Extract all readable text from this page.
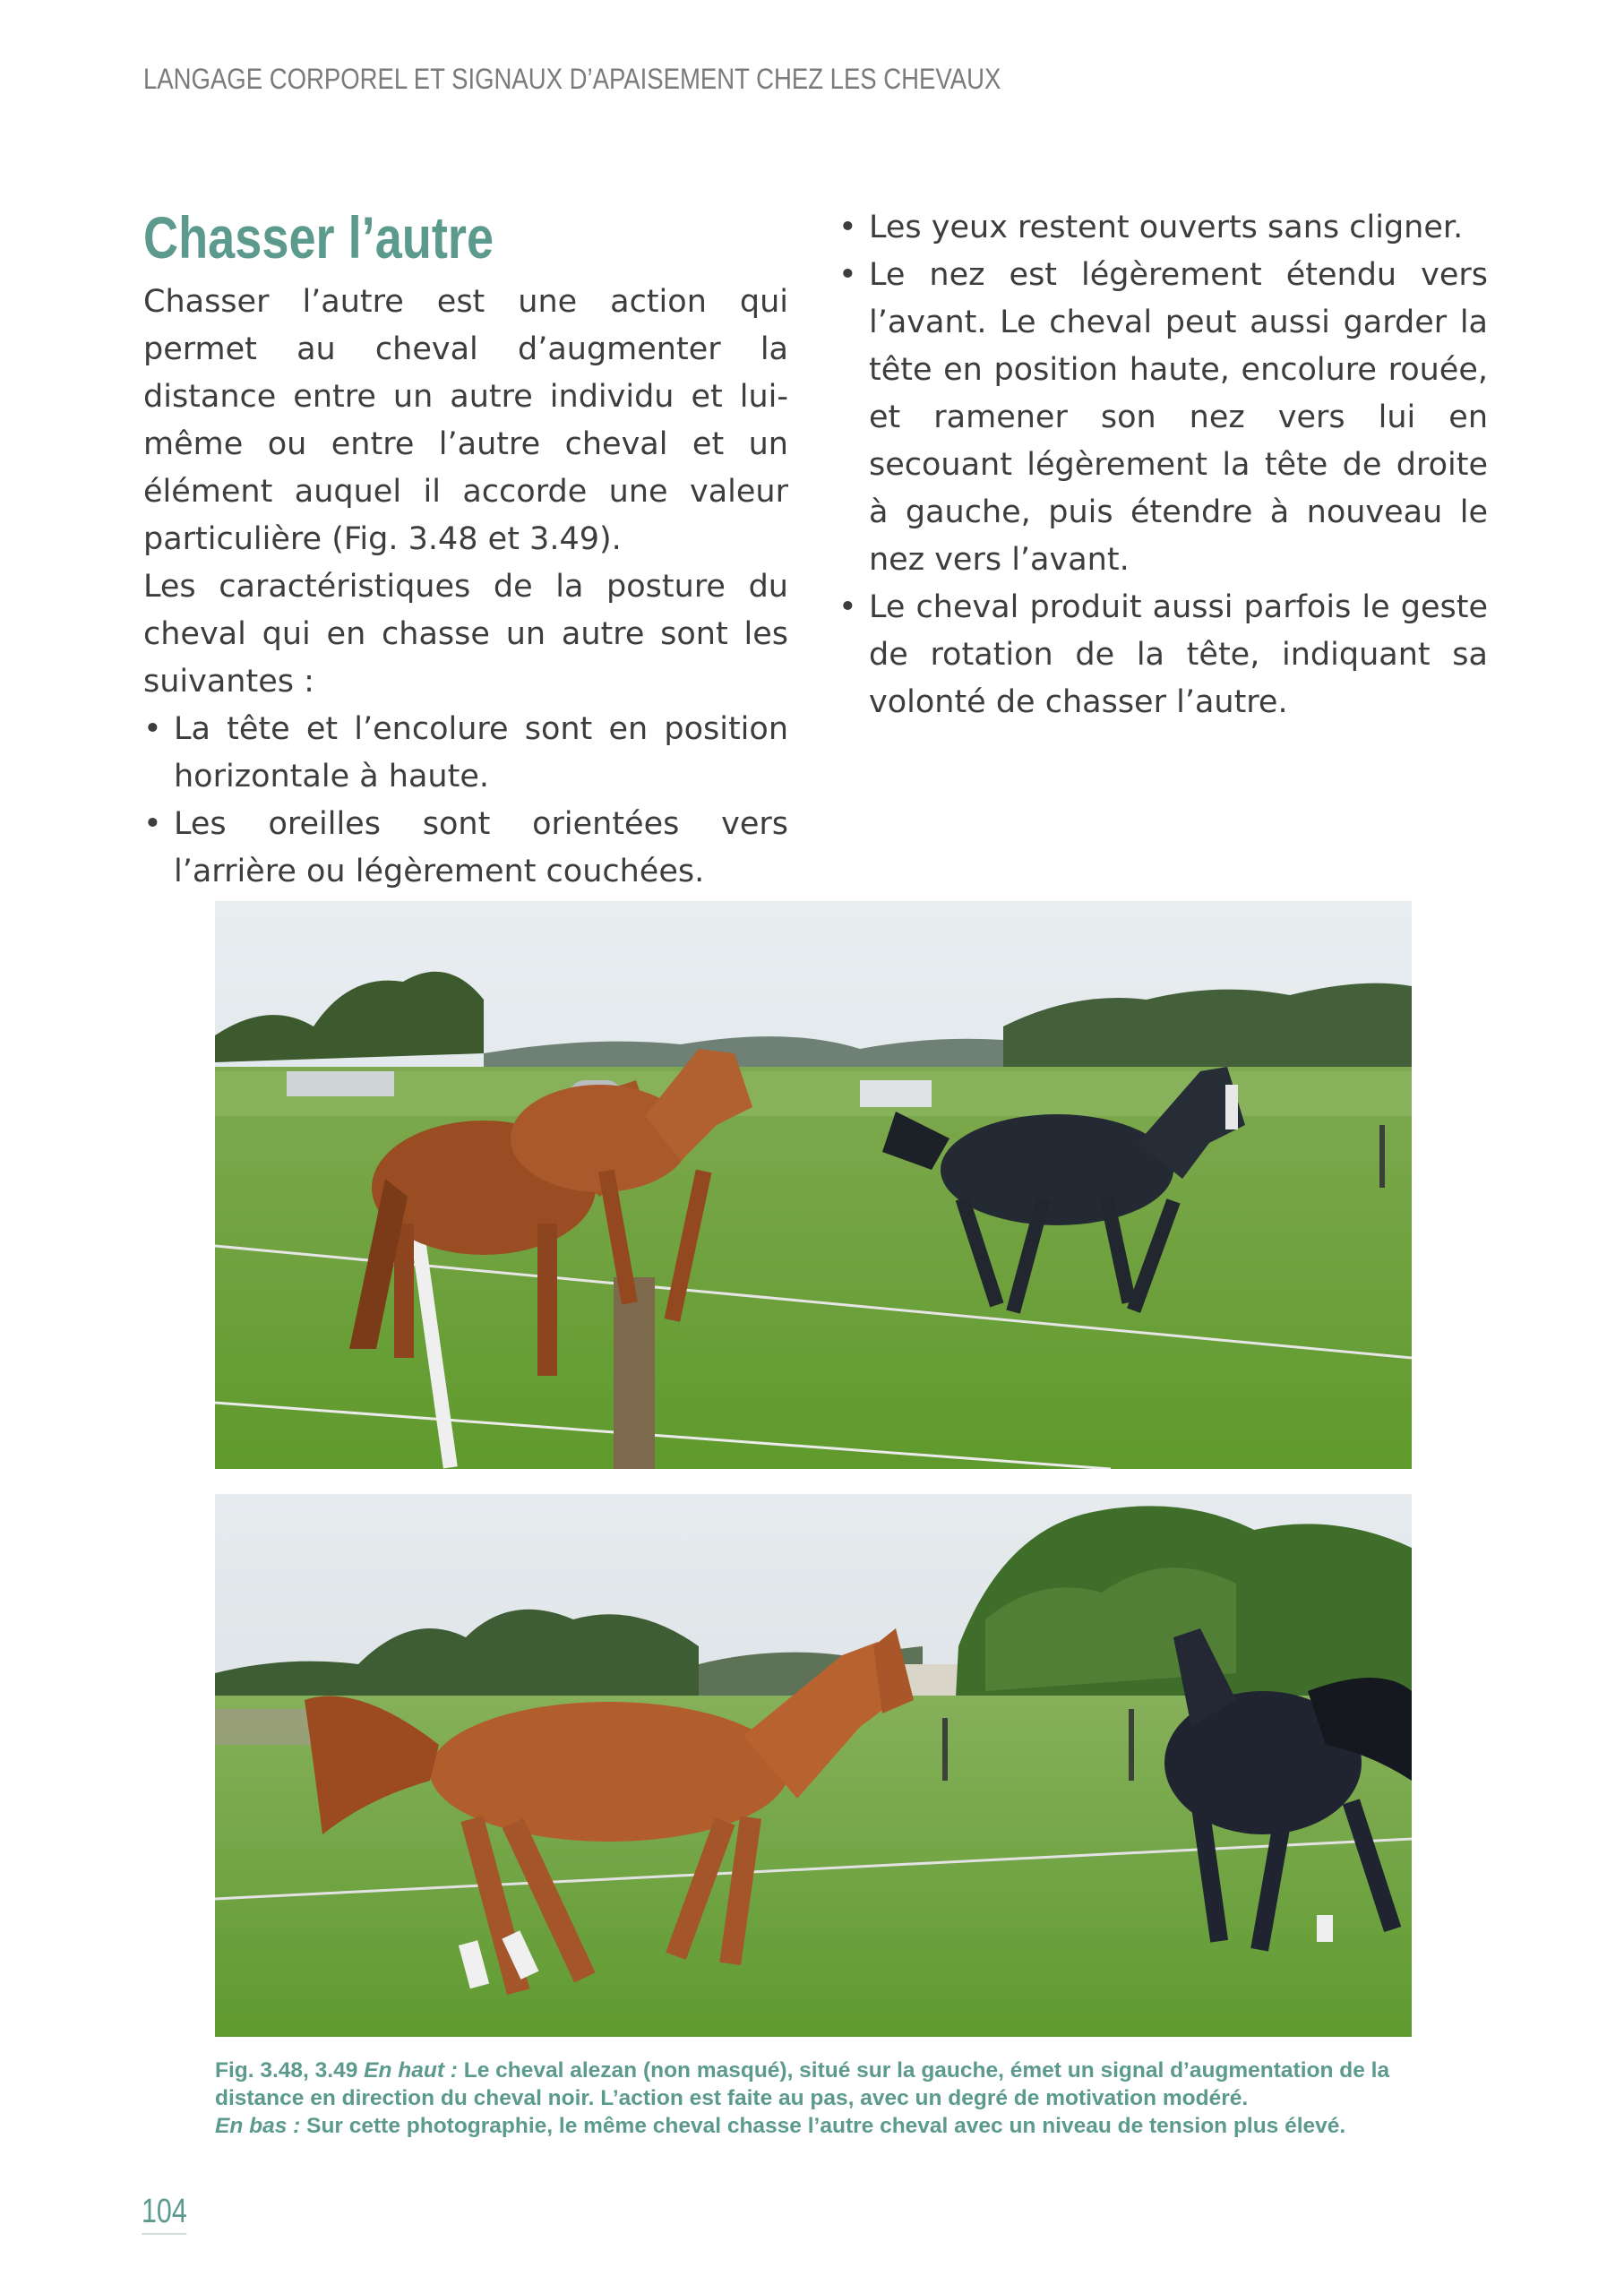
LANGAGE CORPOREL ET SIGNAUX D’APAISEMENT CHEZ LES CHEVAUX
Chasser l’autre

Chasser l’autre est une action qui permet au cheval d’augmenter la distance entre un autre individu et lui-même ou entre l’autre cheval et un élément auquel il accorde une valeur particulière (Fig. 3.48 et 3.49).

Les caractéristiques de la posture du cheval qui en chasse un autre sont les suivantes :

• La tête et l’encolure sont en position horizontale à haute.
• Les oreilles sont orientées vers l’arrière ou légèrement couchées.
• Les yeux restent ouverts sans cligner.
• Le nez est légèrement étendu vers l’avant. Le cheval peut aussi garder la tête en position haute, encolure rouée, et ramener son nez vers lui en secouant légèrement la tête de droite à gauche, puis étendre à nouveau le nez vers l’avant.
• Le cheval produit aussi parfois le geste de rotation de la tête, indiquant sa volonté de chasser l’autre.
Fig. 3.48, 3.49 En haut : Le cheval alezan (non masqué), situé sur la gauche, émet un signal d’augmentation de la distance en direction du cheval noir. L’action est faite au pas, avec un degré de motivation modéré.
En bas : Sur cette photographie, le même cheval chasse l’autre cheval avec un niveau de tension plus élevé.
104
